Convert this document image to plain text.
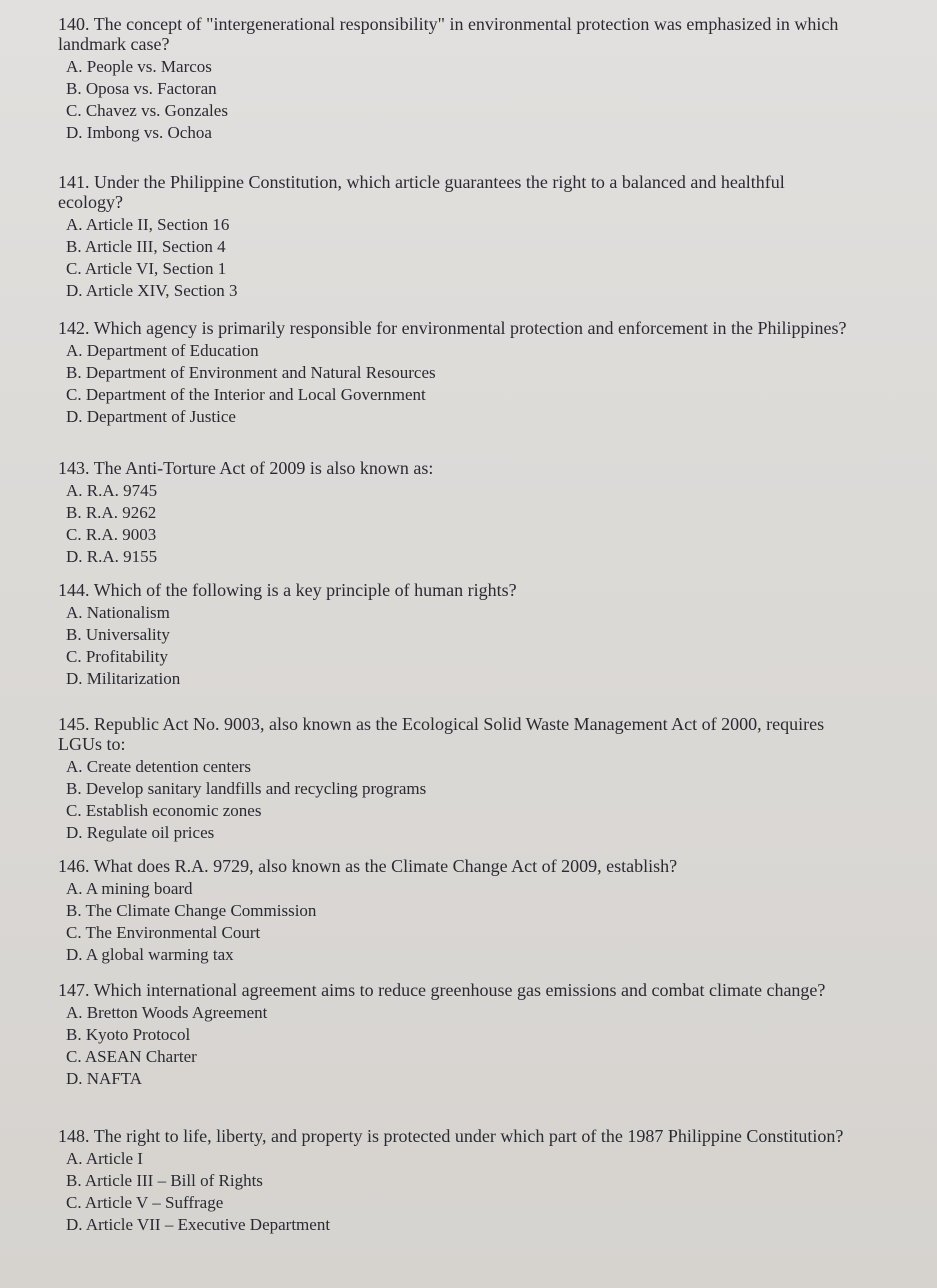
140. The concept of "intergenerational responsibility" in environmental protection was emphasized in which landmark case?

A. People vs. Marcos

B. Oposa vs. Factoran

C. Chavez vs. Gonzales

D. Imbong vs. Ochoa

141. Under the Philippine Constitution, which article guarantees the right to a balanced and healthful ecology?

A. Article II, Section 16

B. Article III, Section 4

C. Article VI, Section 1

D. Article XIV, Section 3

142. Which agency is primarily responsible for environmental protection and enforcement in the Philippines?

A. Department of Education

B. Department of Environment and Natural Resources

C. Department of the Interior and Local Government

D. Department of Justice

143. The Anti-Torture Act of 2009 is also known as:

A. R.A. 9745

B. R.A. 9262

C. R.A. 9003

D. R.A. 9155

144. Which of the following is a key principle of human rights?

A. Nationalism

B. Universality

C. Profitability

D. Militarization

145. Republic Act No. 9003, also known as the Ecological Solid Waste Management Act of 2000, requires LGUs to:

A. Create detention centers

B. Develop sanitary landfills and recycling programs

C. Establish economic zones

D. Regulate oil prices

146. What does R.A. 9729, also known as the Climate Change Act of 2009, establish?

A. A mining board

B. The Climate Change Commission

C. The Environmental Court

D. A global warming tax

147. Which international agreement aims to reduce greenhouse gas emissions and combat climate change?

A. Bretton Woods Agreement

B. Kyoto Protocol

C. ASEAN Charter

D. NAFTA

148. The right to life, liberty, and property is protected under which part of the 1987 Philippine Constitution?

A. Article I

B. Article III – Bill of Rights

C. Article V – Suffrage

D. Article VII – Executive Department
